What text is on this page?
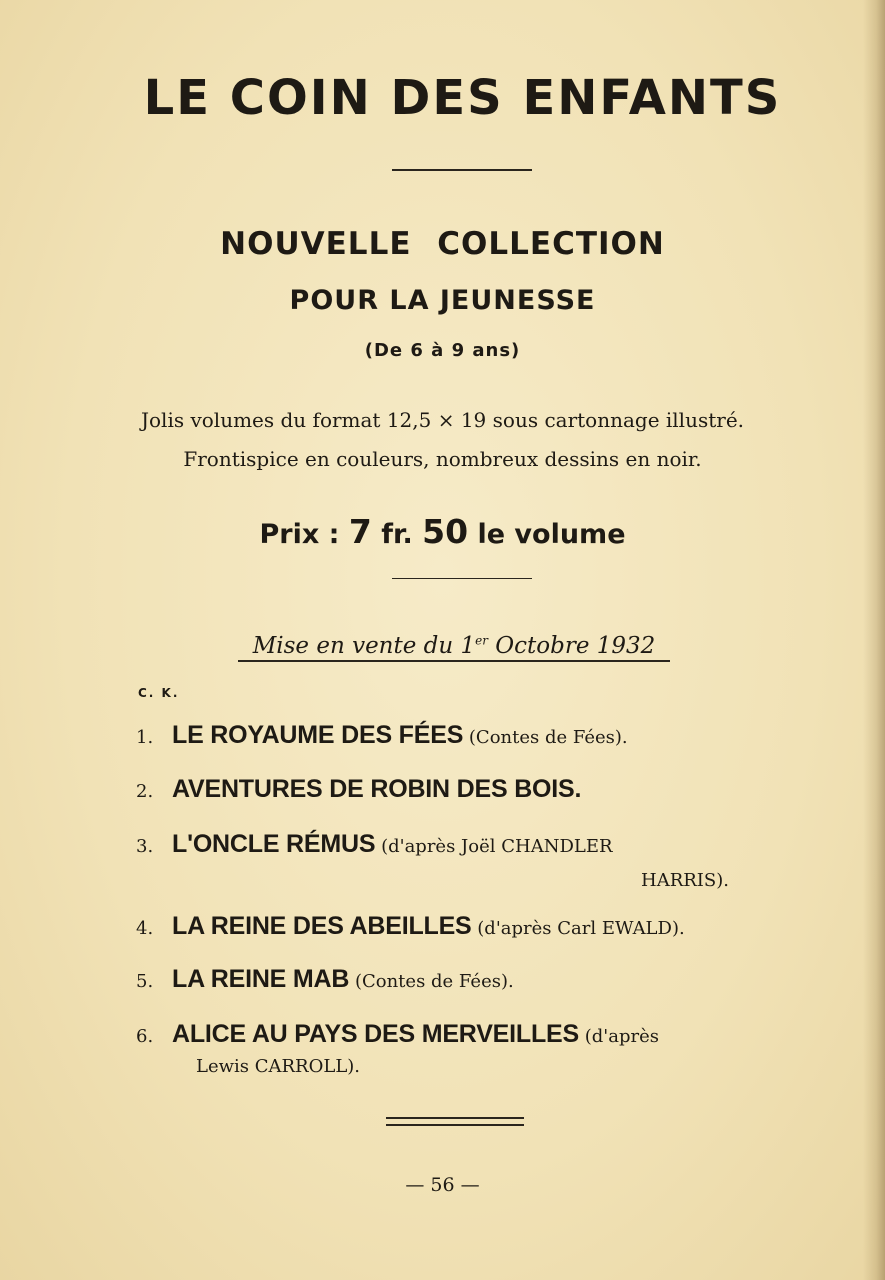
LE COIN DES ENFANTS
NOUVELLE COLLECTION
POUR LA JEUNESSE
(De 6 à 9 ans)
Jolis volumes du format 12,5 × 19 sous cartonnage illustré.
Frontispice en couleurs, nombreux dessins en noir.
Prix : 7 fr. 50 le volume
Mise en vente du 1er Octobre 1932
C. K.
1. LE ROYAUME DES FÉES (Contes de Fées).
2. AVENTURES DE ROBIN DES BOIS.
3. L'ONCLE RÉMUS (d'après Joël CHANDLER
HARRIS).
4. LA REINE DES ABEILLES (d'après Carl EWALD).
5. LA REINE MAB (Contes de Fées).
6. ALICE AU PAYS DES MERVEILLES (d'après
Lewis CARROLL).
— 56 —
